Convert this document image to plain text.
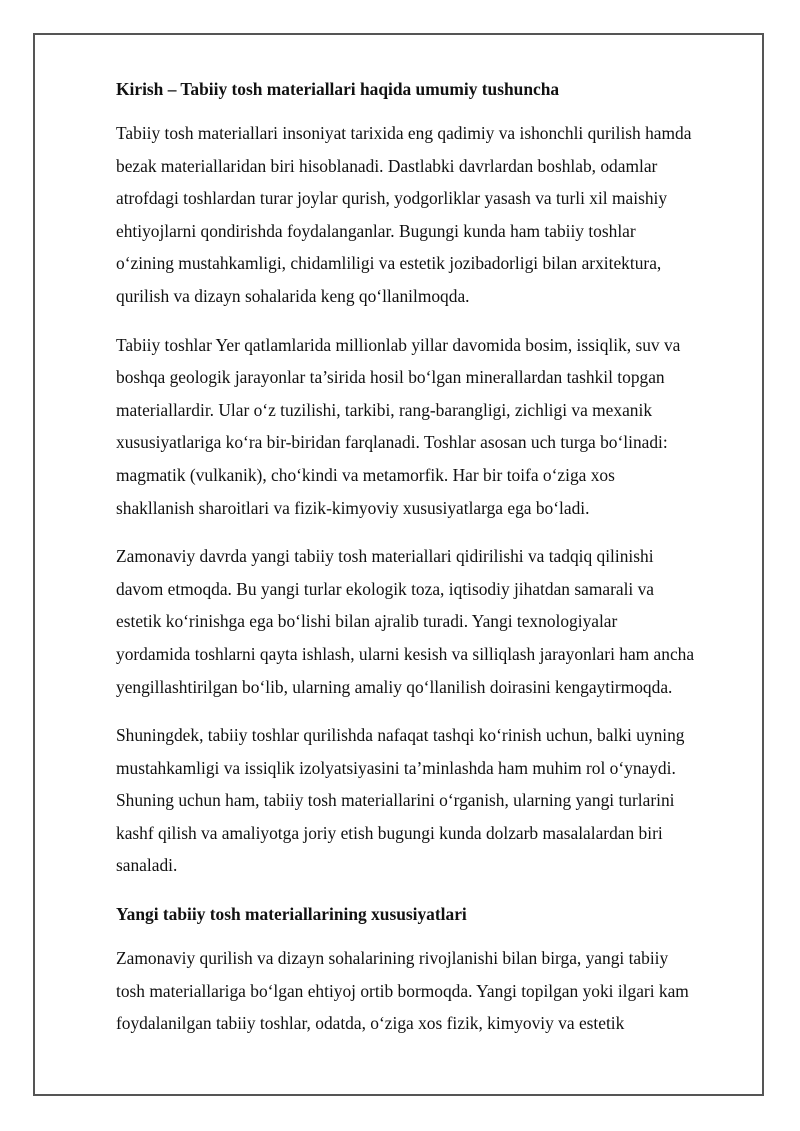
Kirish – Tabiiy tosh materiallari haqida umumiy tushuncha
Tabiiy tosh materiallari insoniyat tarixida eng qadimiy va ishonchli qurilish hamda
bezak materiallaridan biri hisoblanadi. Dastlabki davrlardan boshlab, odamlar
atrofdagi toshlardan turar joylar qurish, yodgorliklar yasash va turli xil maishiy
ehtiyojlarni qondirishda foydalanganlar. Bugungi kunda ham tabiiy toshlar
o‘zining mustahkamligi, chidamliligi va estetik jozibadorligi bilan arxitektura,
qurilish va dizayn sohalarida keng qo‘llanilmoqda.
Tabiiy toshlar Yer qatlamlarida millionlab yillar davomida bosim, issiqlik, suv va
boshqa geologik jarayonlar ta’sirida hosil bo‘lgan minerallardan tashkil topgan
materiallardir. Ular o‘z tuzilishi, tarkibi, rang-barangligi, zichligi va mexanik
xususiyatlariga ko‘ra bir-biridan farqlanadi. Toshlar asosan uch turga bo‘linadi:
magmatik (vulkanik), cho‘kindi va metamorfik. Har bir toifa o‘ziga xos
shakllanish sharoitlari va fizik-kimyoviy xususiyatlarga ega bo‘ladi.
Zamonaviy davrda yangi tabiiy tosh materiallari qidirilishi va tadqiq qilinishi
davom etmoqda. Bu yangi turlar ekologik toza, iqtisodiy jihatdan samarali va
estetik ko‘rinishga ega bo‘lishi bilan ajralib turadi. Yangi texnologiyalar
yordamida toshlarni qayta ishlash, ularni kesish va silliqlash jarayonlari ham ancha
yengillashtirilgan bo‘lib, ularning amaliy qo‘llanilish doirasini kengaytirmoqda.
Shuningdek, tabiiy toshlar qurilishda nafaqat tashqi ko‘rinish uchun, balki uyning
mustahkamligi va issiqlik izolyatsiyasini ta’minlashda ham muhim rol o‘ynaydi.
Shuning uchun ham, tabiiy tosh materiallarini o‘rganish, ularning yangi turlarini
kashf qilish va amaliyotga joriy etish bugungi kunda dolzarb masalalardan biri
sanaladi.
Yangi tabiiy tosh materiallarining xususiyatlari
Zamonaviy qurilish va dizayn sohalarining rivojlanishi bilan birga, yangi tabiiy
tosh materiallariga bo‘lgan ehtiyoj ortib bormoqda. Yangi topilgan yoki ilgari kam
foydalanilgan tabiiy toshlar, odatda, o‘ziga xos fizik, kimyoviy va estetik
